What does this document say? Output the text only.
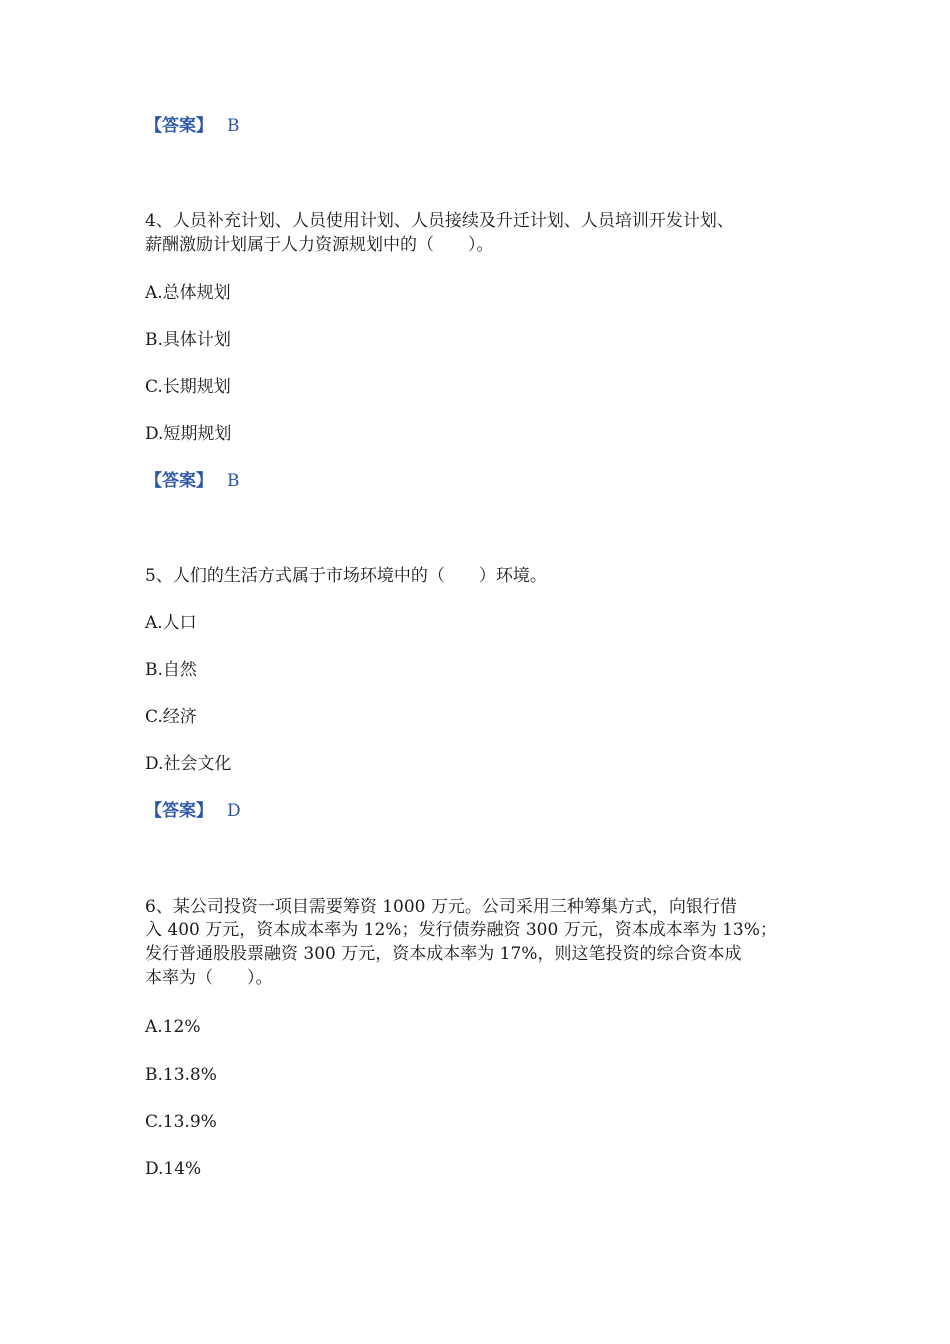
【答案】 B
4、人员补充计划、人员使用计划、人员接续及升迁计划、人员培训开发计划、
薪酬激励计划属于人力资源规划中的（　　）。
A.总体规划
B.具体计划
C.长期规划
D.短期规划
【答案】 B
5、人们的生活方式属于市场环境中的（　　）环境。
A.人口
B.自然
C.经济
D.社会文化
【答案】 D
6、某公司投资一项目需要筹资 1000 万元。公司采用三种筹集方式，向银行借
入 400 万元，资本成本率为 12%；发行债券融资 300 万元，资本成本率为 13%；
发行普通股股票融资 300 万元，资本成本率为 17%，则这笔投资的综合资本成
本率为（　　）。
A.12%
B.13.8%
C.13.9%
D.14%
